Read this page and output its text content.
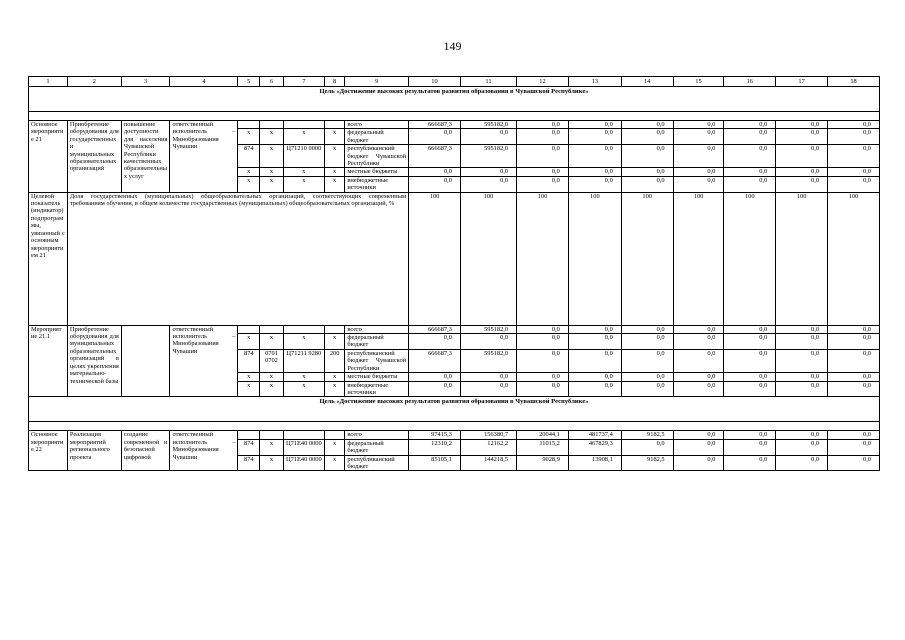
149
1	2	3	4	5	6	7	8	9	10	11	12	13	14	15	16	17	18
Цель «Достижение высоких результатов развития образования в Чувашской Республике»																	

Основное мероприятие 21	Приобретение оборудования для государственных и муниципальных образовательных организаций	повышение доступности для населения Чувашской Республики качественных образовательных услуг	ответственный исполнитель – Минобразования Чувашии					всего	666687,3	595182,0	0,0	0,0	0,0	0,0	0,0	0,0	0,0
				х	х	х	х	федеральный бюджет	0,0	0,0	0,0	0,0	0,0	0,0	0,0	0,0	0,0
				874	х	Ц71210 0000	х	республиканский бюджет Чувашской Республики	666687,3	595182,0	0,0	0,0	0,0	0,0	0,0	0,0	0,0
				х	х	х	х	местные бюджеты	0,0	0,0	0,0	0,0	0,0	0,0	0,0	0,0	0,0
				х	х	х	х	внебюджетные источники	0,0	0,0	0,0	0,0	0,0	0,0	0,0	0,0	0,0
Целевой показатель (индикатор) подпрограммы, увязанный с основным мероприятием 21	Доля государственных (муниципальных) общеобразовательных организаций, соответствующих современным требованиям обучения, в общем количестве государственных (муниципальных) общеобразовательных организаций, %								100	100	100	100	100	100	100	100	100
Мероприятие 21.1	Приобретение оборудования для муниципальных образовательных организаций в целях укрепления материально-технической базы		ответственный исполнитель – Минобразования Чувашии					всего	666687,3	595182,0	0,0	0,0	0,0	0,0	0,0	0,0	0,0
				х	х	х	х	федеральный бюджет	0,0	0,0	0,0	0,0	0,0	0,0	0,0	0,0	0,0
				874	0701 0702	Ц71211 9280	200	республиканский бюджет Чувашской Республики	666687,3	595182,0	0,0	0,0	0,0	0,0	0,0	0,0	0,0
				х	х	х	х	местные бюджеты	0,0	0,0	0,0	0,0	0,0	0,0	0,0	0,0	0,0
				х	х	х	х	внебюджетные источники	0,0	0,0	0,0	0,0	0,0	0,0	0,0	0,0	0,0
Цель «Достижение высоких результатов развития образования в Чувашской Республике»																	

Основное мероприятие 22	Реализация мероприятий регионального проекта	создание современной и безопасной цифровой	ответственный исполнитель – Минобразования Чувашии					всего	97415,3	156380,7	20044,1	481737,4	9182,5	0,0	0,0	0,0	0,0
				874	х	Ц71Е40 0000	х	федеральный бюджет	12310,2	12162,2	11015,2	467829,3	0,0	0,0	0,0	0,0	0,0
				874	х	Ц71Е40 0000	х	республиканский бюджет	85105,1	144218,5	9028,9	13908,1	9182,5	0,0	0,0	0,0	0,0
